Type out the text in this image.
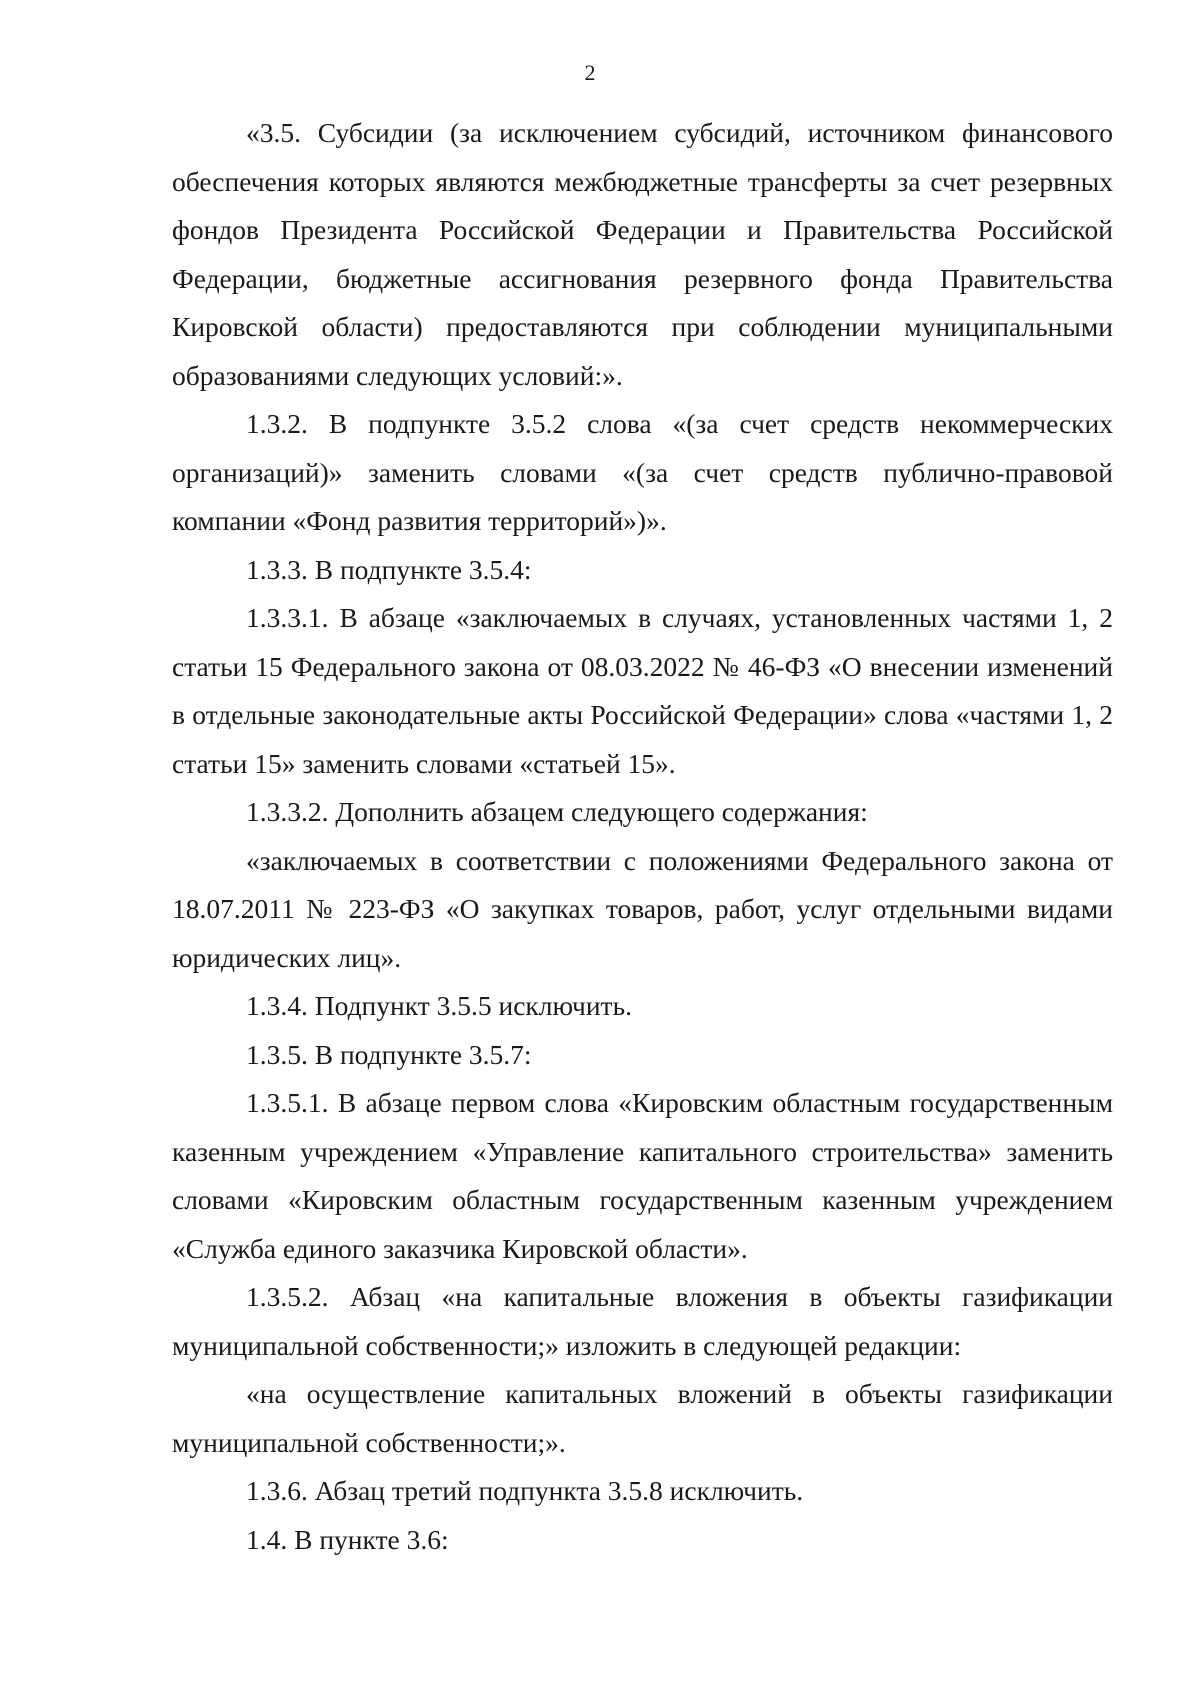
2

«3.5. Субсидии (за исключением субсидий, источником финансового обеспечения которых являются межбюджетные трансферты за счет резервных фондов Президента Российской Федерации и Правительства Российской Федерации, бюджетные ассигнования резервного фонда Правительства Кировской области) предоставляются при соблюдении муниципальными образованиями следующих условий:».

1.3.2. В подпункте 3.5.2 слова «(за счет средств некоммерческих организаций)» заменить словами «(за счет средств публично-правовой компании «Фонд развития территорий»)».

1.3.3. В подпункте 3.5.4:

1.3.3.1. В абзаце «заключаемых в случаях, установленных частями 1, 2 статьи 15 Федерального закона от 08.03.2022 № 46-ФЗ «О внесении изменений в отдельные законодательные акты Российской Федерации» слова «частями 1, 2 статьи 15» заменить словами «статьей 15».

1.3.3.2. Дополнить абзацем следующего содержания:

«заключаемых в соответствии с положениями Федерального закона от 18.07.2011 № 223-ФЗ «О закупках товаров, работ, услуг отдельными видами юридических лиц».

1.3.4. Подпункт 3.5.5 исключить.

1.3.5. В подпункте 3.5.7:

1.3.5.1. В абзаце первом слова «Кировским областным государственным казенным учреждением «Управление капитального строительства» заменить словами «Кировским областным государственным казенным учреждением «Служба единого заказчика Кировской области».

1.3.5.2. Абзац «на капитальные вложения в объекты газификации муниципальной собственности;» изложить в следующей редакции:

«на осуществление капитальных вложений в объекты газификации муниципальной собственности;».

1.3.6. Абзац третий подпункта 3.5.8 исключить.

1.4. В пункте 3.6:
